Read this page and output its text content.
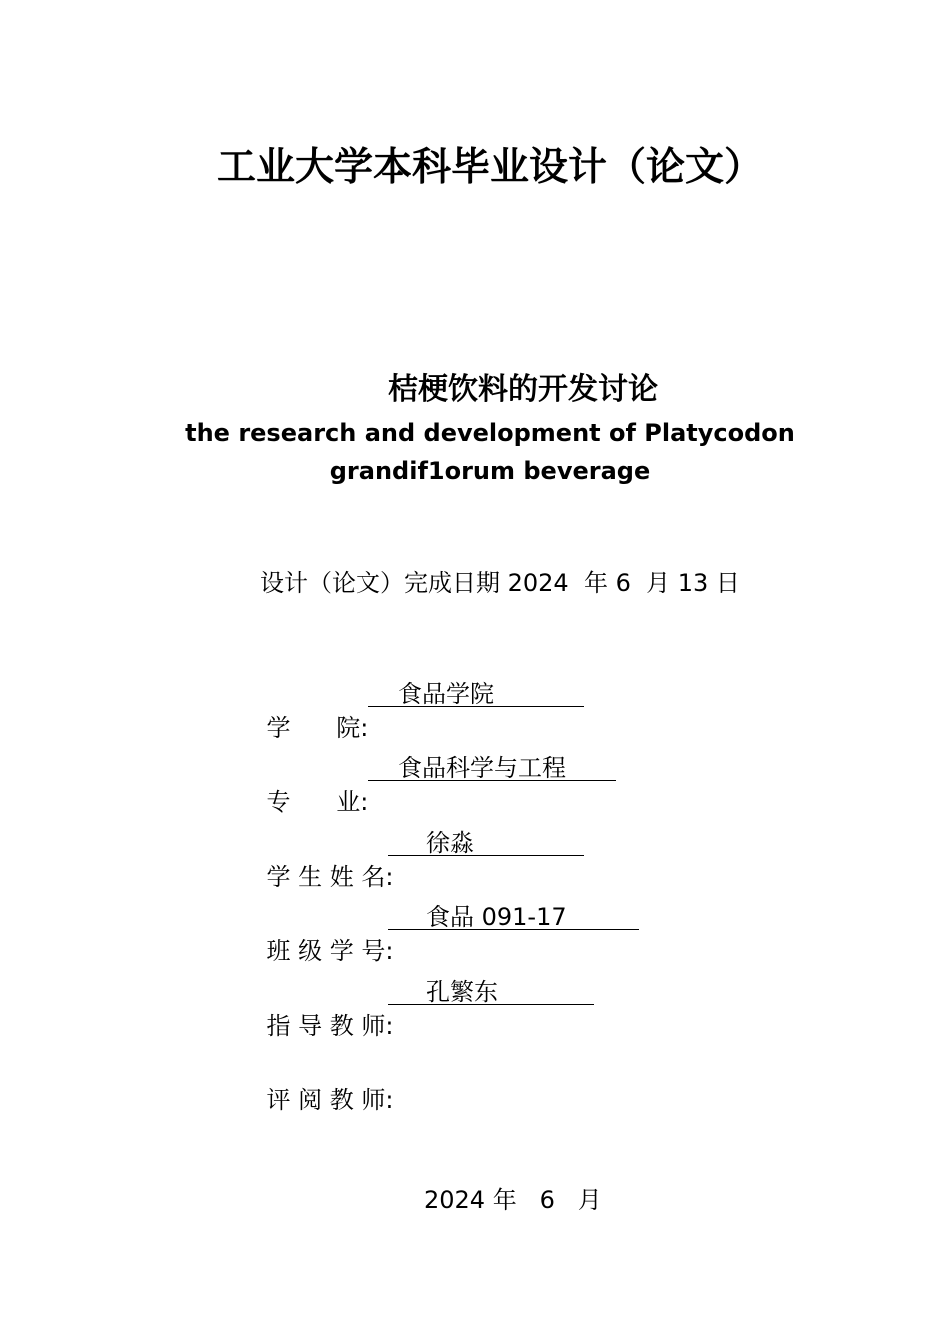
工业大学本科毕业设计（论文）
桔梗饮料的开发讨论
the research and development of Platycodon
grandif1orum beverage
设计（论文）完成日期 2024  年 6  月 13 日

学      院:

食品学院

专      业:

食品科学与工程

学 生 姓 名:

徐淼

班 级 学 号:

食品 091-17

指 导 教 师:

孔繁东

评 阅 教 师:

2024 年   6   月
